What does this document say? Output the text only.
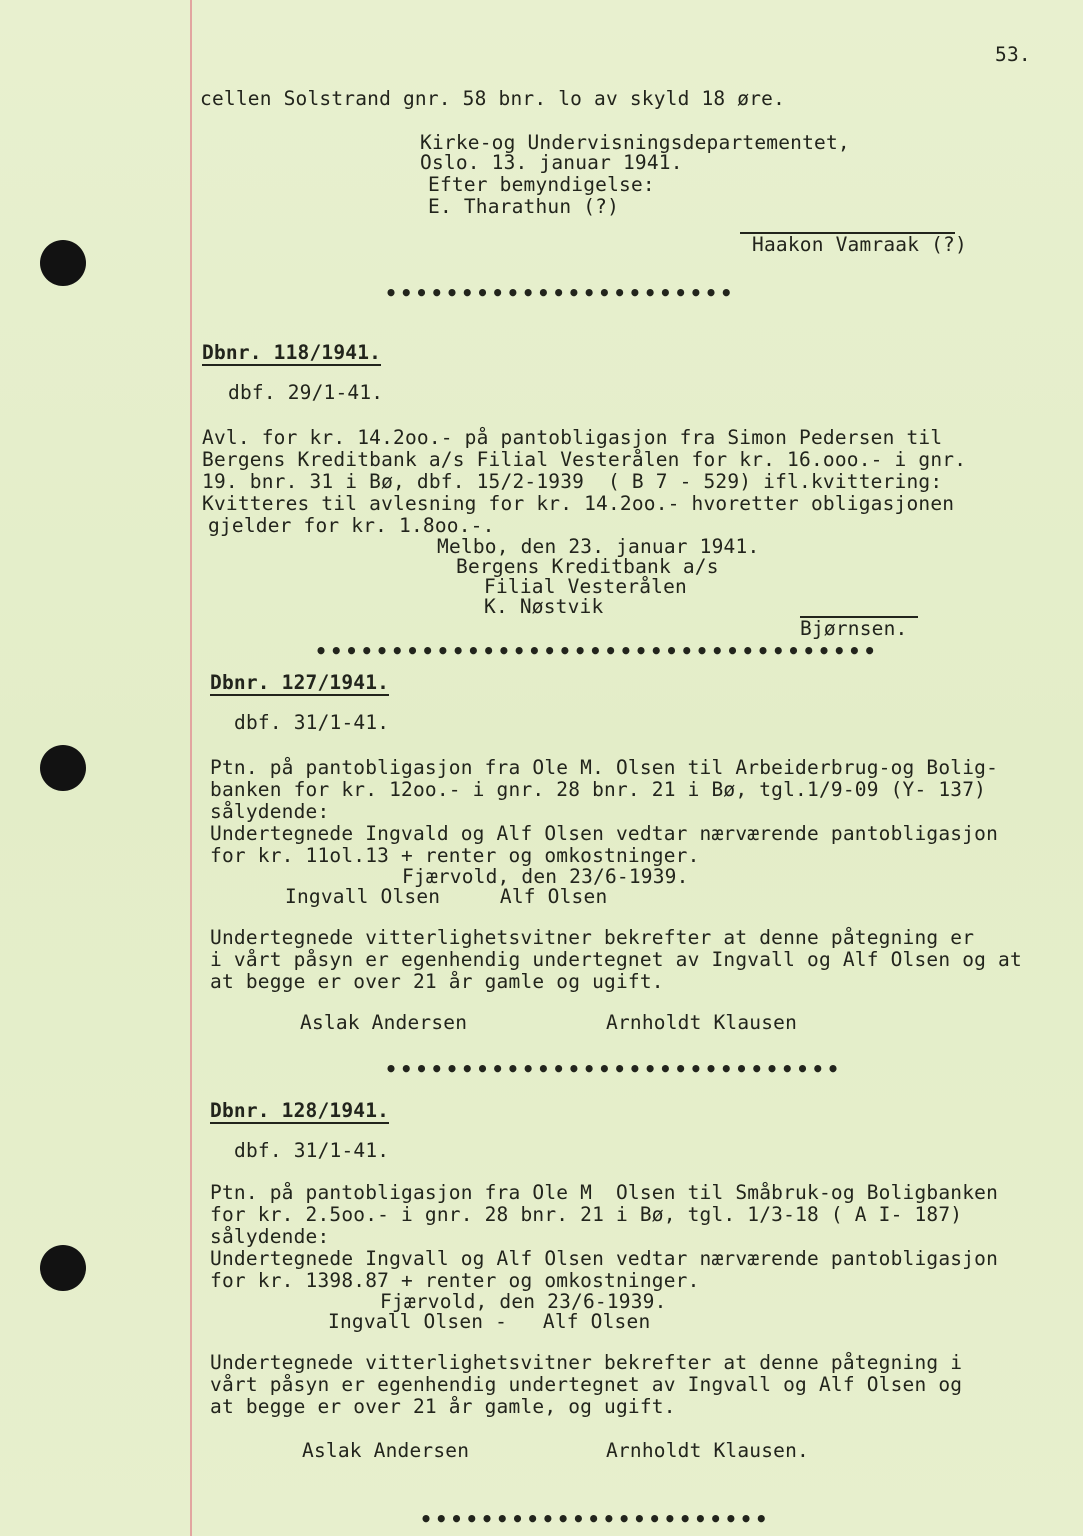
53.
cellen Solstrand gnr. 58 bnr. lo av skyld 18 øre.
Kirke-og Undervisningsdepartementet,
Oslo. 13. januar 1941.
Efter bemyndigelse:
E. Tharathun (?)
Haakon Vamraak (?)
•••••••••••••••••••••••
Dbnr. 118/1941.
dbf. 29/1-41.
Avl. for kr. 14.2oo.- på pantobligasjon fra Simon Pedersen til
Bergens Kreditbank a/s Filial Vesterålen for kr. 16.ooo.- i gnr.
19. bnr. 31 i Bø, dbf. 15/2-1939  ( B 7 - 529) ifl.kvittering:
Kvitteres til avlesning for kr. 14.2oo.- hvoretter obligasjonen
gjelder for kr. 1.8oo.-.
Melbo, den 23. januar 1941.
Bergens Kreditbank a/s
Filial Vesterålen
K. Nøstvik
Bjørnsen.
•••••••••••••••••••••••••••••••••••••
Dbnr. 127/1941.
dbf. 31/1-41.
Ptn. på pantobligasjon fra Ole M. Olsen til Arbeiderbrug-og Bolig-
banken for kr. 12oo.- i gnr. 28 bnr. 21 i Bø, tgl.1/9-09 (Y- 137)
sålydende:
Undertegnede Ingvald og Alf Olsen vedtar nærværende pantobligasjon
for kr. 11ol.13 + renter og omkostninger.
Fjærvold, den 23/6-1939.
Ingvall Olsen     Alf Olsen
Undertegnede vitterlighetsvitner bekrefter at denne påtegning er
i vårt påsyn er egenhendig undertegnet av Ingvall og Alf Olsen og at
at begge er over 21 år gamle og ugift.
Aslak Andersen	Arnholdt Klausen
••••••••••••••••••••••••••••••
Dbnr. 128/1941.
dbf. 31/1-41.
Ptn. på pantobligasjon fra Ole M  Olsen til Småbruk-og Boligbanken
for kr. 2.5oo.- i gnr. 28 bnr. 21 i Bø, tgl. 1/3-18 ( A I- 187)
sålydende:
Undertegnede Ingvall og Alf Olsen vedtar nærværende pantobligasjon
for kr. 1398.87 + renter og omkostninger.
Fjærvold, den 23/6-1939.
Ingvall Olsen -   Alf Olsen
Undertegnede vitterlighetsvitner bekrefter at denne påtegning i
vårt påsyn er egenhendig undertegnet av Ingvall og Alf Olsen og
at begge er over 21 år gamle, og ugift.
Aslak Andersen	Arnholdt Klausen.
•••••••••••••••••••••••
